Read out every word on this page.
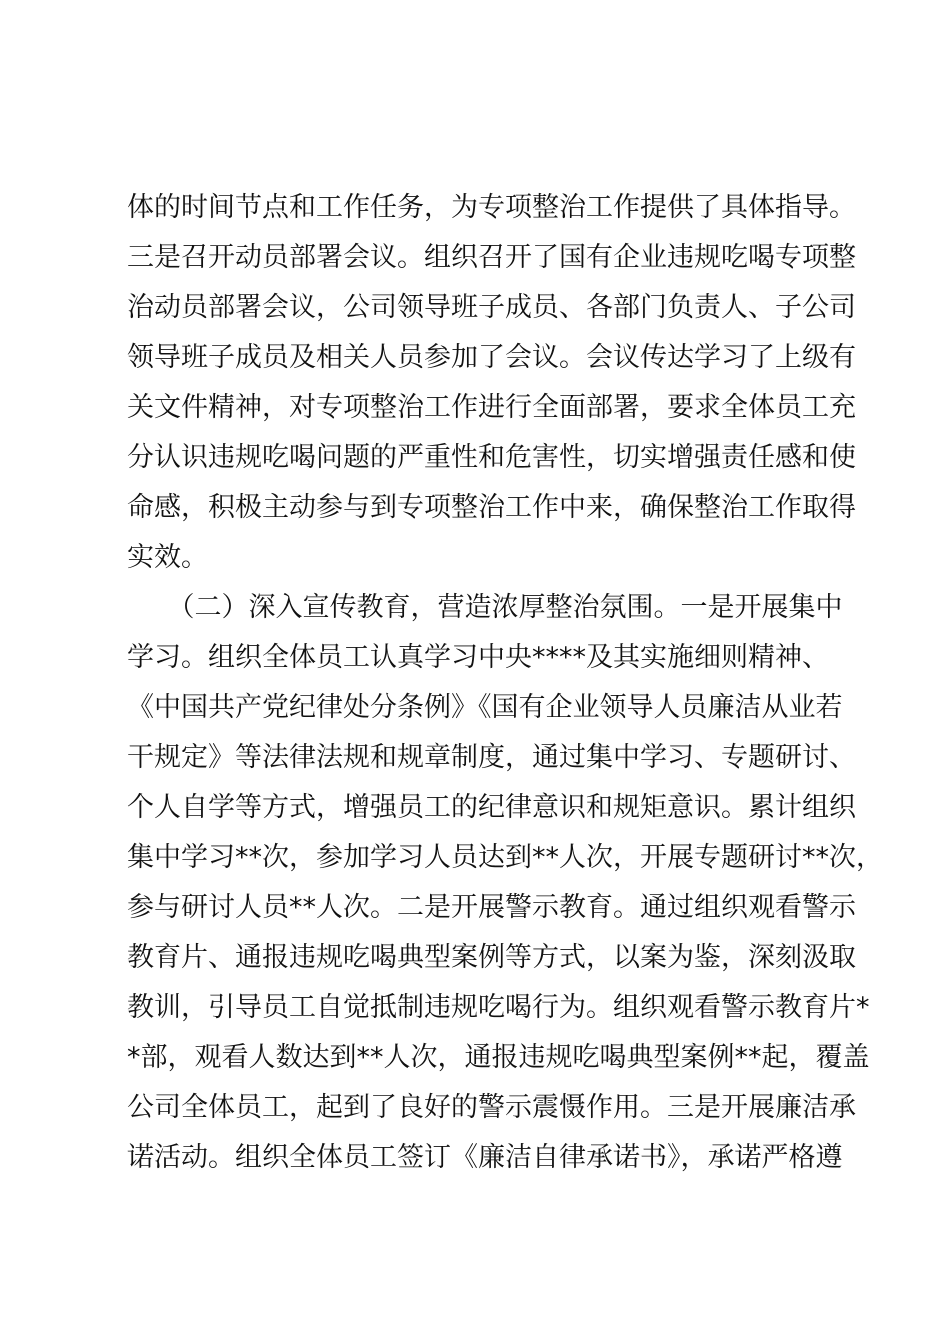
体的时间节点和工作任务，为专项整治工作提供了具体指导。
三是召开动员部署会议。组织召开了国有企业违规吃喝专项整
治动员部署会议，公司领导班子成员、各部门负责人、子公司
领导班子成员及相关人员参加了会议。会议传达学习了上级有
关文件精神，对专项整治工作进行全面部署，要求全体员工充
分认识违规吃喝问题的严重性和危害性，切实增强责任感和使
命感，积极主动参与到专项整治工作中来，确保整治工作取得
实效。
　　（二）深入宣传教育，营造浓厚整治氛围。一是开展集中
学习。组织全体员工认真学习中央****及其实施细则精神、
《中国共产党纪律处分条例》《国有企业领导人员廉洁从业若
干规定》等法律法规和规章制度，通过集中学习、专题研讨、
个人自学等方式，增强员工的纪律意识和规矩意识。累计组织
集中学习**次，参加学习人员达到**人次，开展专题研讨**次，
参与研讨人员**人次。二是开展警示教育。通过组织观看警示
教育片、通报违规吃喝典型案例等方式，以案为鉴，深刻汲取
教训，引导员工自觉抵制违规吃喝行为。组织观看警示教育片*
*部，观看人数达到**人次，通报违规吃喝典型案例**起，覆盖
公司全体员工，起到了良好的警示震慑作用。三是开展廉洁承
诺活动。组织全体员工签订《廉洁自律承诺书》，承诺严格遵
